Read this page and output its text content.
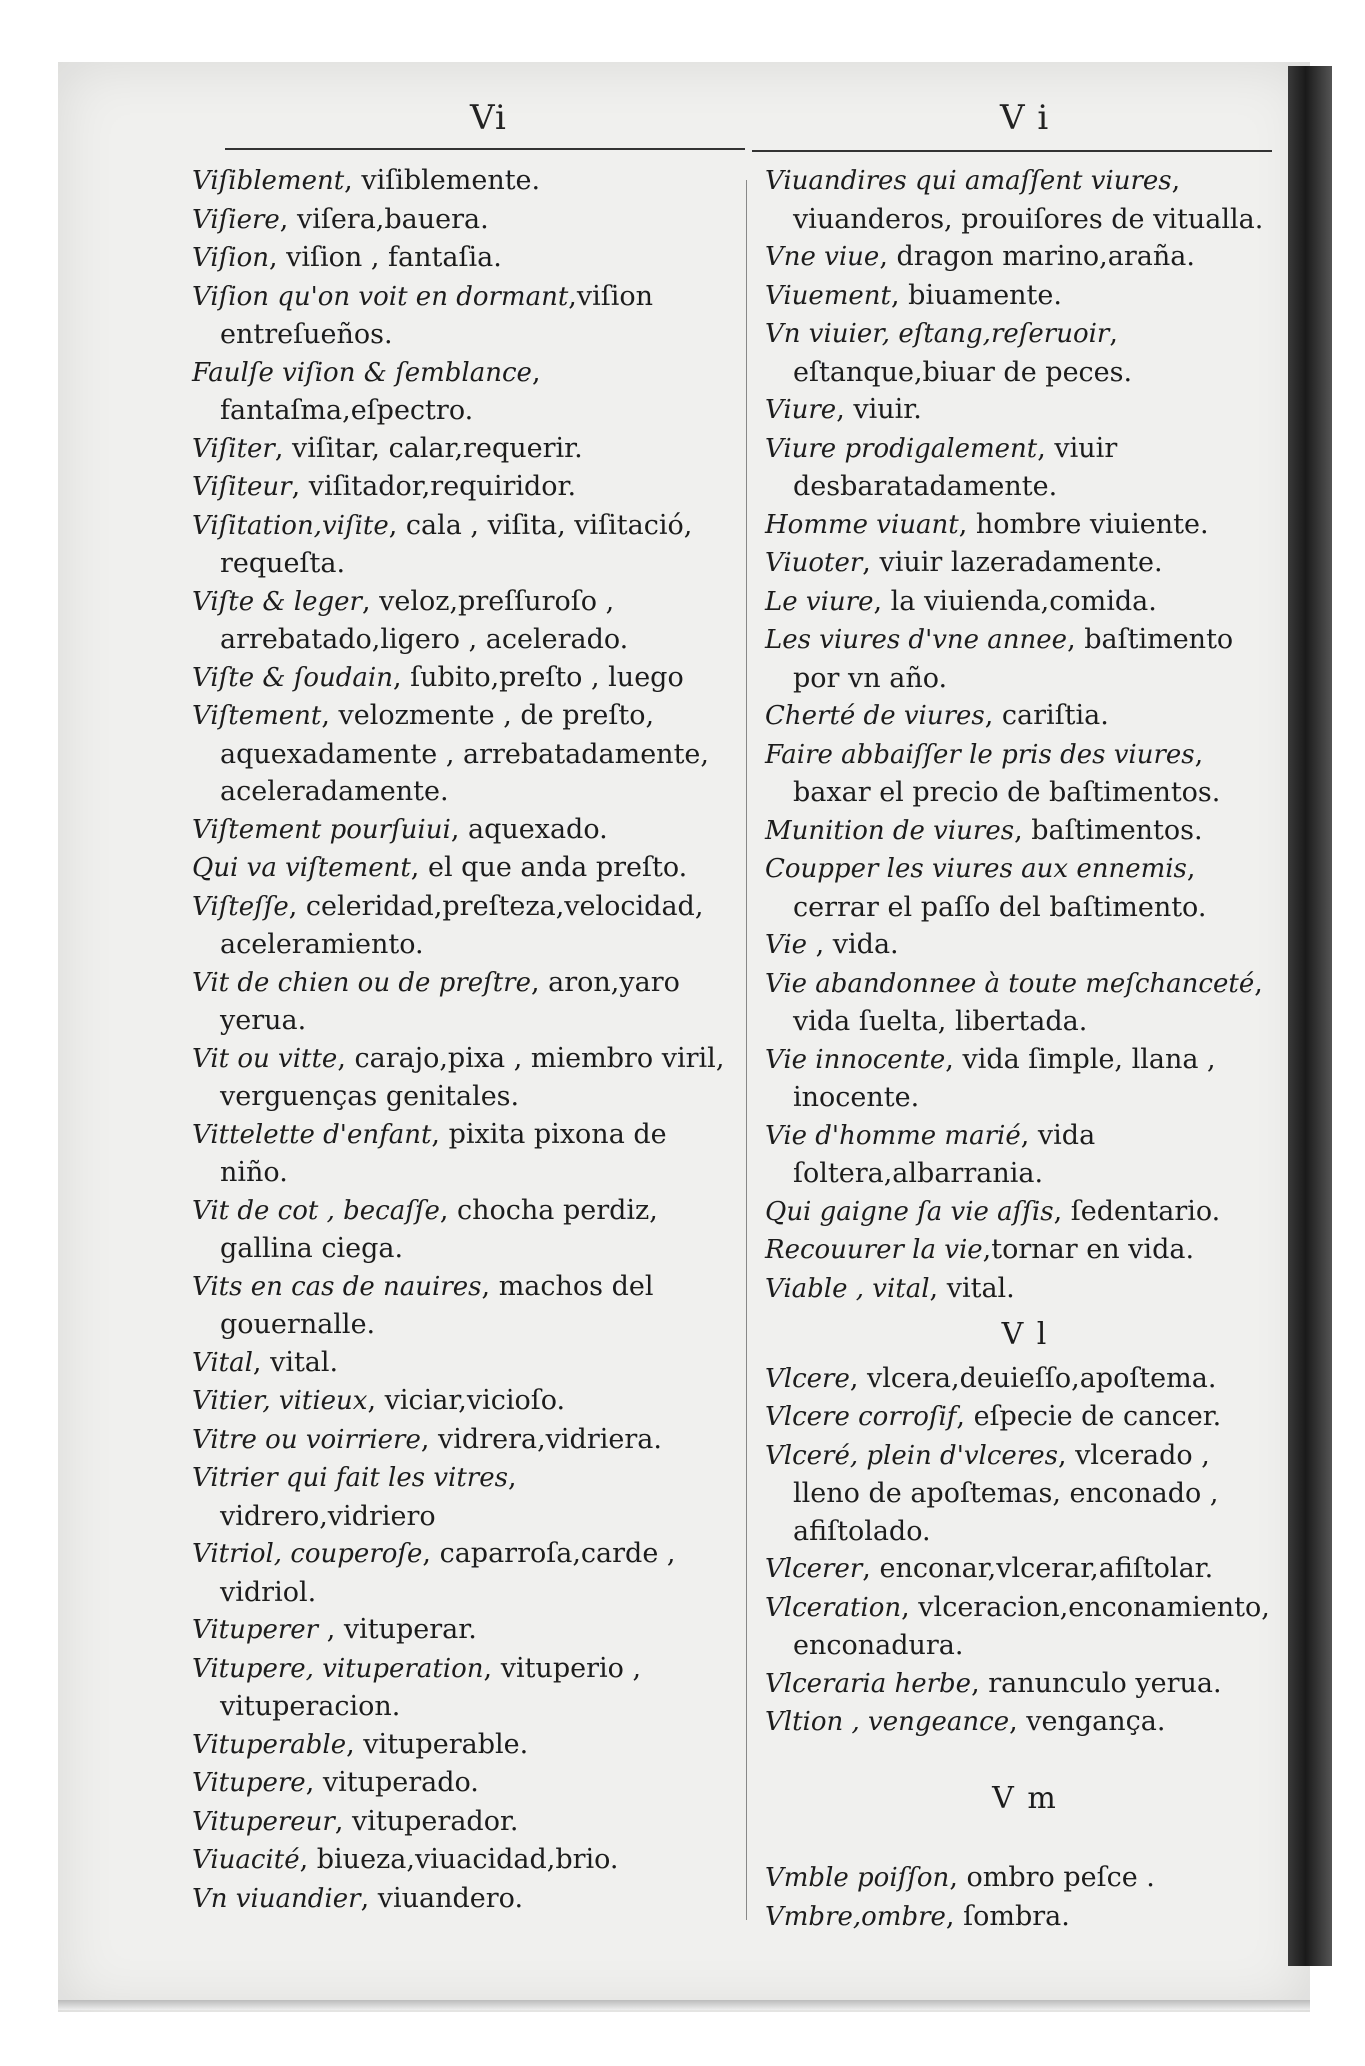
Vi	V i

Viſiblement, viſiblemente.

Viſiere, viſera,bauera.

Viſion, viſion , fantaſia.

Viſion qu'on voit en dormant,viſion entreſueños.

Faulſe viſion & ſemblance, fantaſma,eſpectro.

Viſiter, viſitar, calar,requerir.

Viſiteur, viſitador,requiridor.

Viſitation,viſite, cala , viſita, viſitació, requeſta.

Viſte & leger, veloz,preſſuroſo , arrebatado,ligero , acelerado.

Viſte & ſoudain, ſubito,preſto , luego

Viſtement, velozmente , de preſto, aquexadamente , arrebatadamente, aceleradamente.

Viſtement pourſuiui, aquexado.

Qui va viſtement, el que anda preſto.

Viſteſſe, celeridad,preſteza,velocidad, aceleramiento.

Vit de chien ou de preſtre, aron,yaro yerua.

Vit ou vitte, carajo,pixa , miembro viril, verguenças genitales.

Vittelette d'enfant, pixita pixona de niño.

Vit de cot , becaſſe, chocha perdiz, gallina ciega.

Vits en cas de nauires, machos del gouernalle.

Vital, vital.

Vitier, vitieux, viciar,vicioſo.

Vitre ou voirriere, vidrera,vidriera.

Vitrier qui fait les vitres, vidrero,vidriero

Vitriol, couperoſe, caparroſa,carde , vidriol.

Vituperer , vituperar.

Vitupere, vituperation, vituperio , vituperacion.

Vituperable, vituperable.

Vitupere, vituperado.

Vitupereur, vituperador.

Viuacité, biueza,viuacidad,brio.

Vn viuandier, viuandero.

Viuandires qui amaſſent viures, viuanderos, prouiſores de vitualla.

Vne viue, dragon marino,araña.

Viuement, biuamente.

Vn viuier, eſtang,reſeruoir, eſtanque,biuar de peces.

Viure, viuir.

Viure prodigalement, viuir desbaratadamente.

Homme viuant, hombre viuiente.

Viuoter, viuir lazeradamente.

Le viure, la viuienda,comida.

Les viures d'vne annee, baſtimento por vn año.

Cherté de viures, cariſtia.

Faire abbaiſſer le pris des viures, baxar el precio de baſtimentos.

Munition de viures, baſtimentos.

Coupper les viures aux ennemis, cerrar el paſſo del baſtimento.

Vie , vida.

Vie abandonnee à toute meſchanceté, vida ſuelta, libertada.

Vie innocente, vida ſimple, llana , inocente.

Vie d'homme marié, vida ſoltera,albarrania.

Qui gaigne ſa vie aſſis, ſedentario.

Recouurer la vie,tornar en vida.

Viable , vital, vital.

V l

Vlcere, vlcera,deuieſſo,apoſtema.

Vlcere corroſif, eſpecie de cancer.

Vlceré, plein d'vlceres, vlcerado , lleno de apoſtemas, enconado , afiſtolado.

Vlcerer, enconar,vlcerar,afiſtolar.

Vlceration, vlceracion,enconamiento, enconadura.

Vlceraria herbe, ranunculo yerua.

Vltion , vengeance, vengança.

V m

Vmble poiſſon, ombro peſce .

Vmbre,ombre, ſombra.
